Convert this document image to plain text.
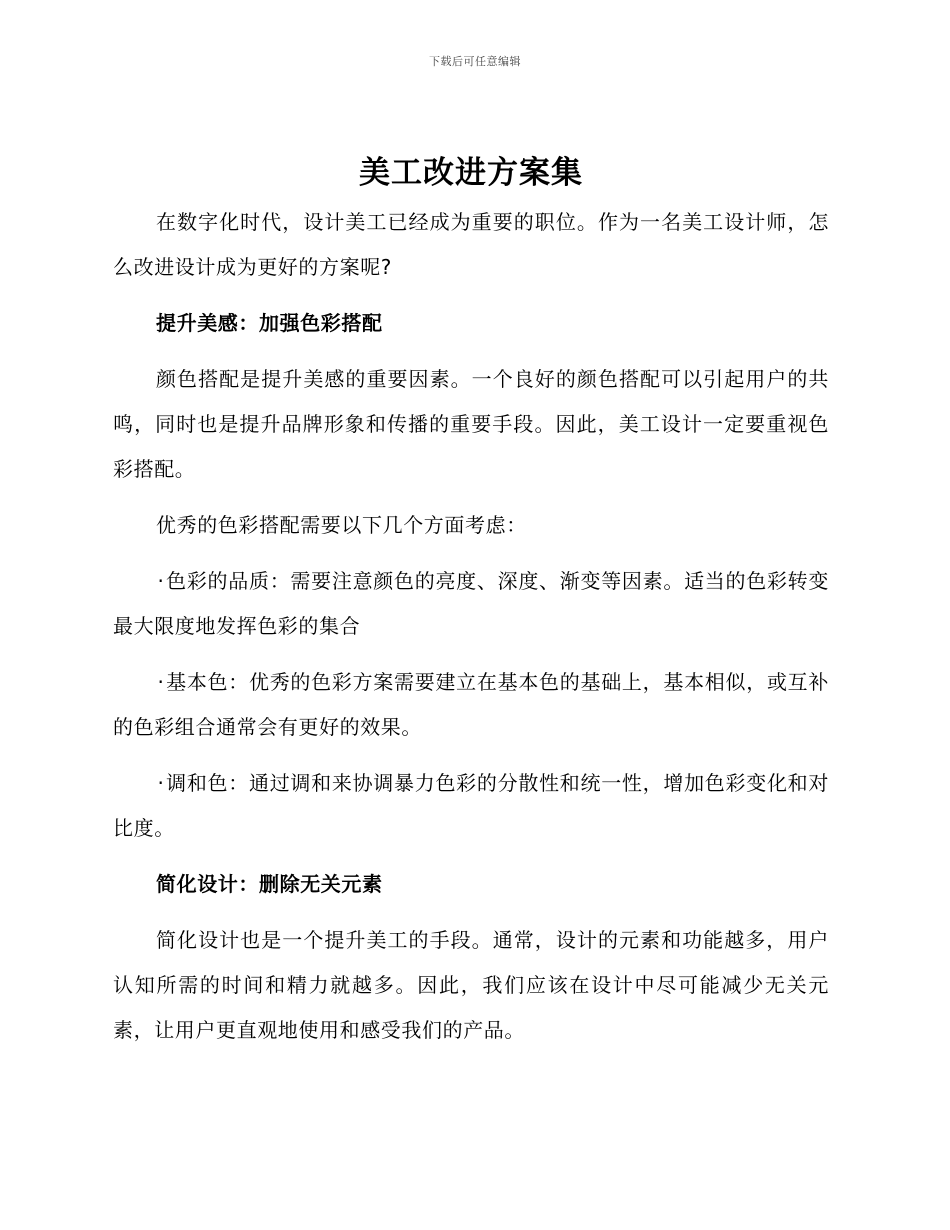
下载后可任意编辑
美工改进方案集

在数字化时代，设计美工已经成为重要的职位。作为一名美工设计师，怎么改进设计成为更好的方案呢?

提升美感：加强色彩搭配

颜色搭配是提升美感的重要因素。一个良好的颜色搭配可以引起用户的共鸣，同时也是提升品牌形象和传播的重要手段。因此，美工设计一定要重视色彩搭配。

优秀的色彩搭配需要以下几个方面考虑：

·色彩的品质：需要注意颜色的亮度、深度、渐变等因素。适当的色彩转变最大限度地发挥色彩的集合

·基本色：优秀的色彩方案需要建立在基本色的基础上，基本相似，或互补的色彩组合通常会有更好的效果。

·调和色：通过调和来协调暴力色彩的分散性和统一性，增加色彩变化和对比度。

简化设计：删除无关元素

简化设计也是一个提升美工的手段。通常，设计的元素和功能越多，用户认知所需的时间和精力就越多。因此，我们应该在设计中尽可能减少无关元素，让用户更直观地使用和感受我们的产品。
